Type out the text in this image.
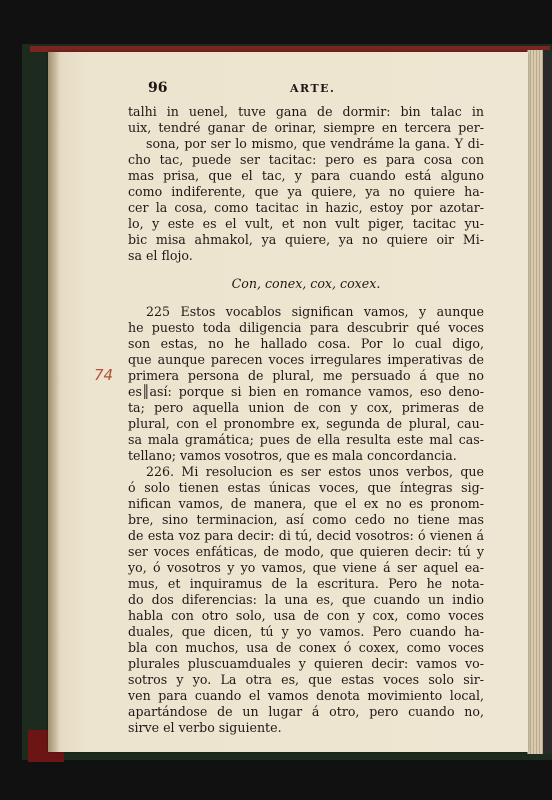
96	ARTE.
74
talhi in uenel, tuve gana de dormir: bin talac in
uix, tendré ganar de orinar, siempre en tercera per-
sona, por ser lo mismo, que vendráme la gana. Y di-
cho tac, puede ser tacitac: pero es para cosa con
mas prisa, que el tac, y para cuando está alguno
como indiferente, que ya quiere, ya no quiere ha-
cer la cosa, como tacitac in hazic, estoy por azotar-
lo, y este es el vult, et non vult piger, tacitac yu-
bic misa ahmakol, ya quiere, ya no quiere oir Mi-
sa el flojo.
Con, conex, cox, coxex.
225 Estos vocablos significan vamos, y aunque
he puesto toda diligencia para descubrir qué voces
son estas, no he hallado cosa. Por lo cual digo,
que aunque parecen voces irregulares imperativas de
primera persona de plural, me persuado á que no
es║así: porque si bien en romance vamos, eso deno-
ta; pero aquella union de con y cox, primeras de
plural, con el pronombre ex, segunda de plural, cau-
sa mala gramática; pues de ella resulta este mal cas-
tellano; vamos vosotros, que es mala concordancia.
226. Mi resolucion es ser estos unos verbos, que
ó solo tienen estas únicas voces, que íntegras sig-
nifican vamos, de manera, que el ex no es pronom-
bre, sino terminacion, así como cedo no tiene mas
de esta voz para decir: di tú, decid vosotros: ó vienen á
ser voces enfáticas, de modo, que quieren decir: tú y
yo, ó vosotros y yo vamos, que viene á ser aquel ea-
mus, et inquiramus de la escritura. Pero he nota-
do dos diferencias: la una es, que cuando un indio
habla con otro solo, usa de con y cox, como voces
duales, que dicen, tú y yo vamos. Pero cuando ha-
bla con muchos, usa de conex ó coxex, como voces
plurales pluscuamduales y quieren decir: vamos vo-
sotros y yo. La otra es, que estas voces solo sir-
ven para cuando el vamos denota movimiento local,
apartándose de un lugar á otro, pero cuando no,
sirve el verbo siguiente.
